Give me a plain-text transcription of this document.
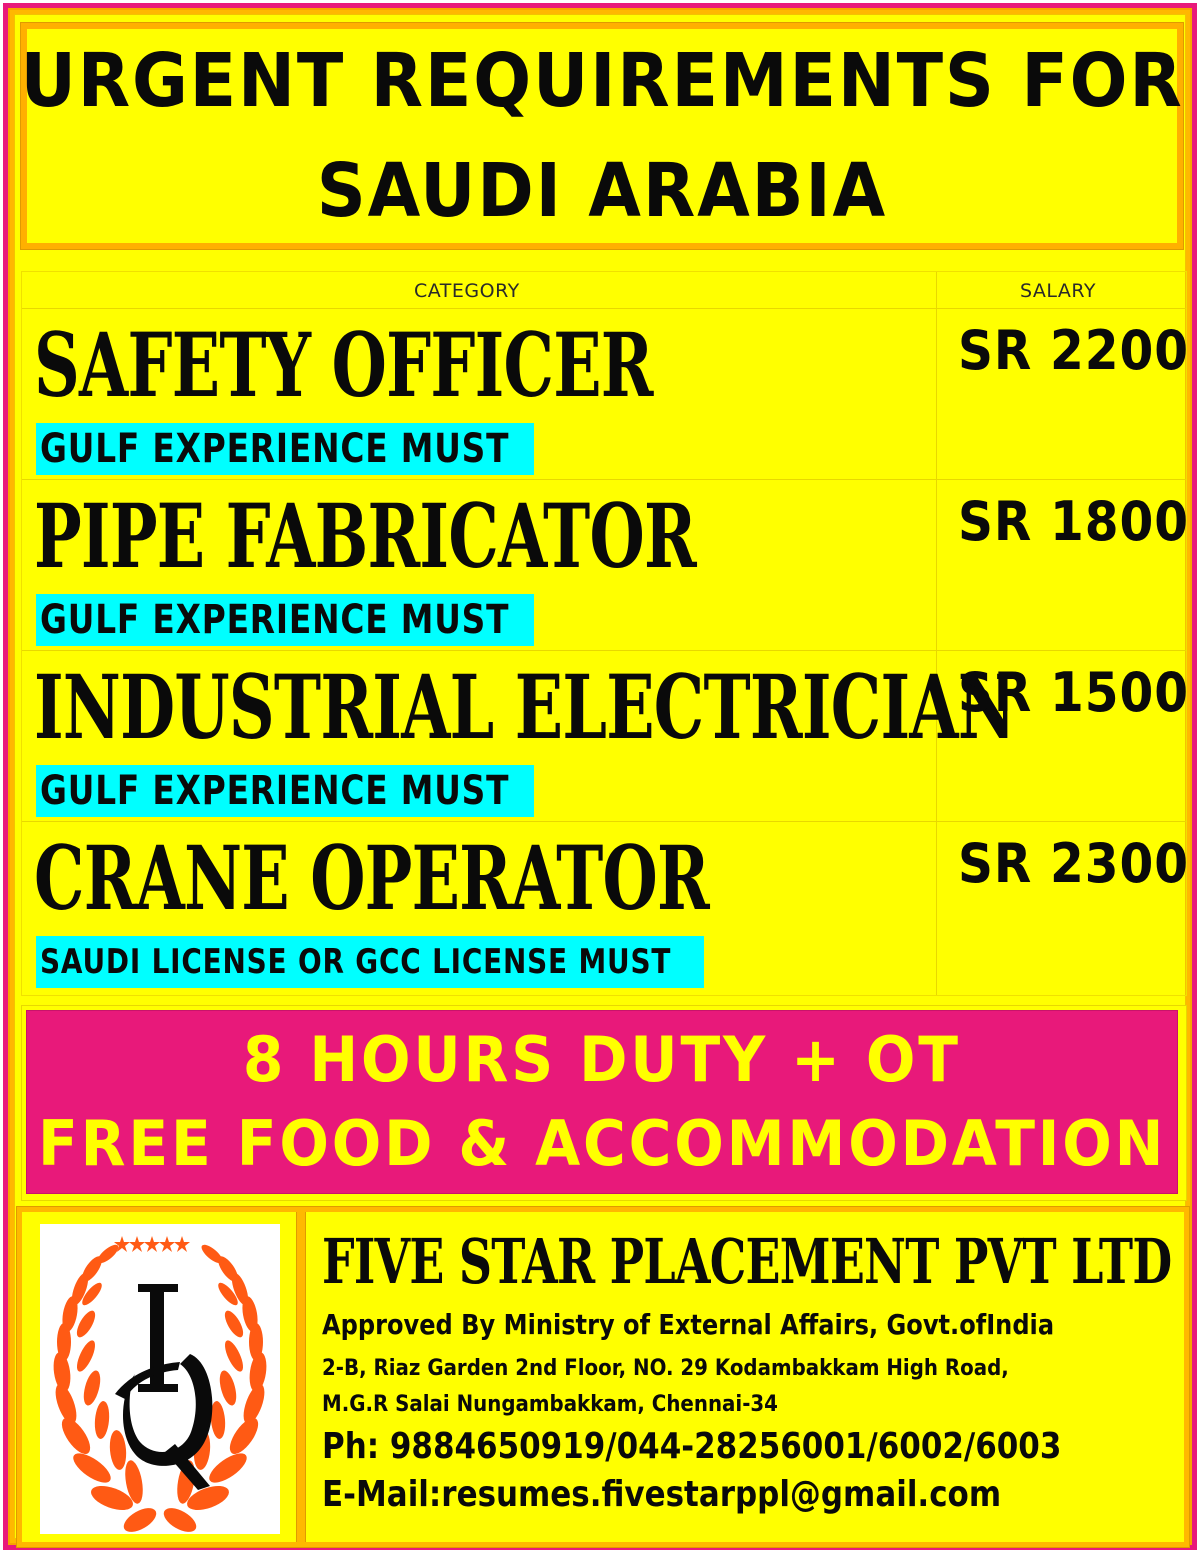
URGENT REQUIREMENTS FOR
SAUDI ARABIA
CATEGORY	SALARY
SAFETY OFFICER
GULF EXPERIENCE MUST
SR 2200
PIPE FABRICATOR
GULF EXPERIENCE MUST
SR 1800
INDUSTRIAL ELECTRICIAN
GULF EXPERIENCE MUST
SR 1500
CRANE OPERATOR
SAUDI LICENSE OR GCC LICENSE MUST
SR 2300
8 HOURS DUTY + OT
FREE FOOD & ACCOMMODATION
FIVE STAR PLACEMENT PVT LTD
Approved By Ministry of External Affairs, Govt.ofIndia
2-B, Riaz Garden 2nd Floor, NO. 29 Kodambakkam High Road,
M.G.R Salai Nungambakkam, Chennai-34
Ph: 9884650919/044-28256001/6002/6003
E-Mail:resumes.fivestarppl@gmail.com
